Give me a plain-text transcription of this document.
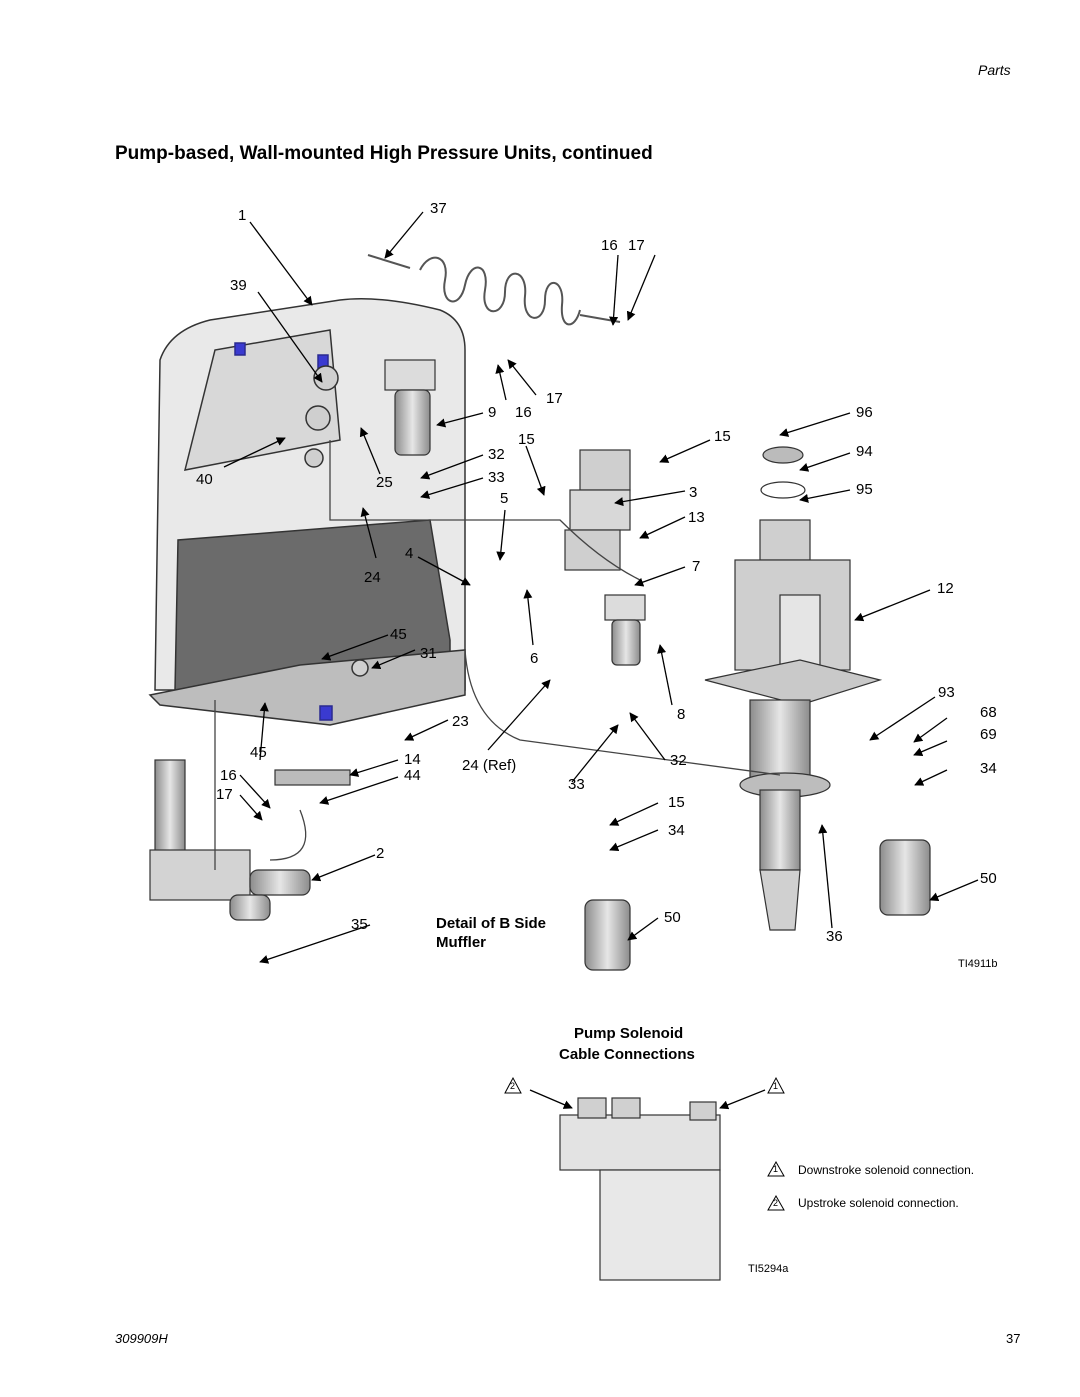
Parts
Pump-based, Wall-mounted High Pressure Units, continued
1	37
16 17
39
9 16
17
96
15	15
32	94
40	25	33
3	95
5
13
4
7
24
12
45
31	6
93
23	8	68
45	14	24 (Ref)	32
69
16	44
33
34
17	15
34
2
50
35	50
36
Detail of B Side
Muffler
TI4911b
Pump Solenoid
Cable Connections
2	1
1 Downstroke solenoid connection.
2 Upstroke solenoid connection.
TI5294a
309909H	37
